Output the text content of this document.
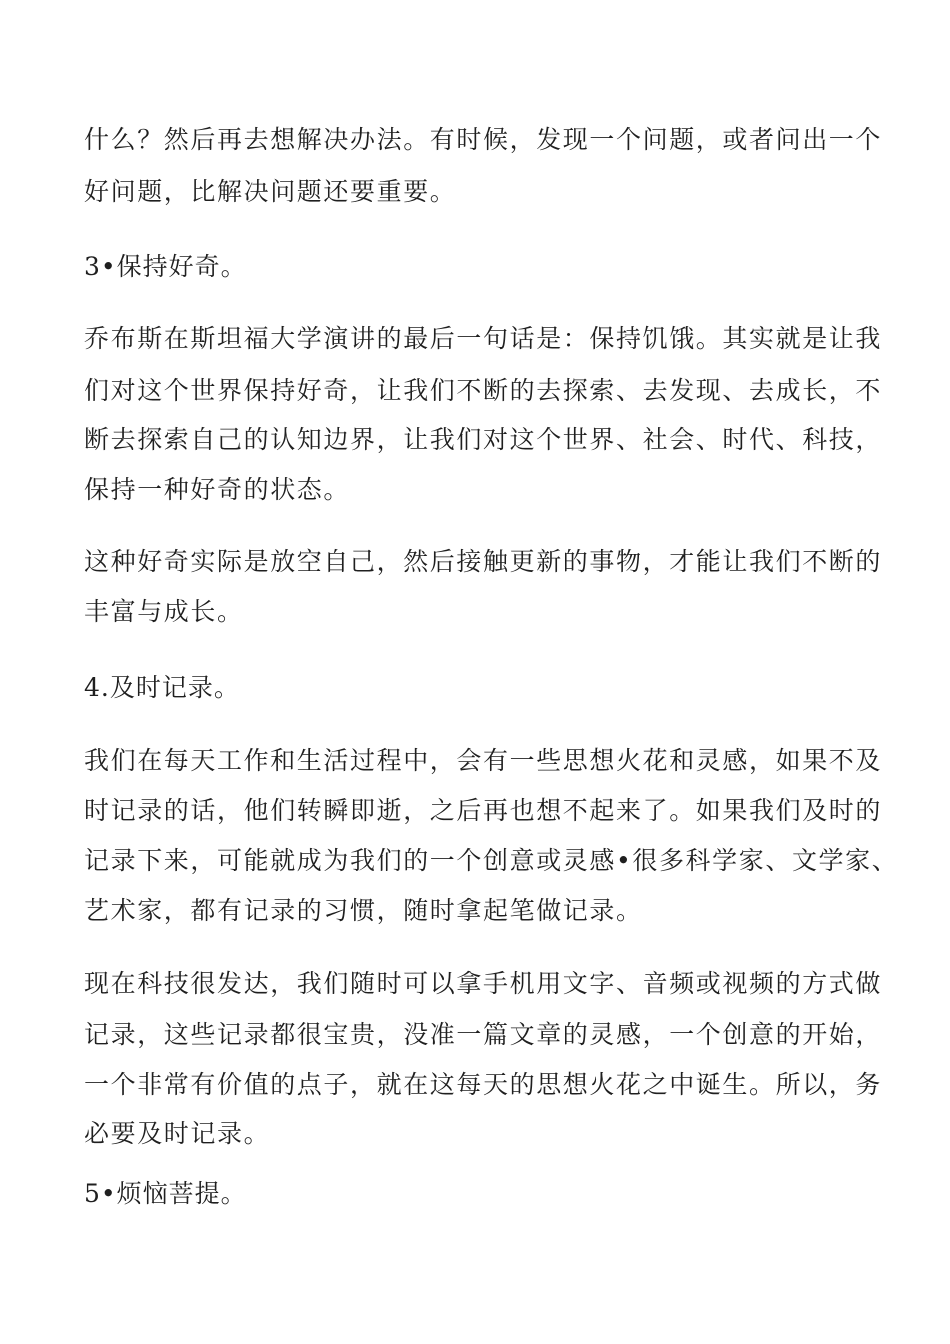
什么？然后再去想解决办法。有时候，发现一个问题，或者问出一个

好问题，比解决问题还要重要。

3•保持好奇。

乔布斯在斯坦福大学演讲的最后一句话是：保持饥饿。其实就是让我

们对这个世界保持好奇，让我们不断的去探索、去发现、去成长，不

断去探索自己的认知边界，让我们对这个世界、社会、时代、科技，

保持一种好奇的状态。

这种好奇实际是放空自己，然后接触更新的事物，才能让我们不断的

丰富与成长。

4.及时记录。

我们在每天工作和生活过程中，会有一些思想火花和灵感，如果不及

时记录的话，他们转瞬即逝，之后再也想不起来了。如果我们及时的

记录下来，可能就成为我们的一个创意或灵感•很多科学家、文学家、

艺术家，都有记录的习惯，随时拿起笔做记录。

现在科技很发达，我们随时可以拿手机用文字、音频或视频的方式做

记录，这些记录都很宝贵，没准一篇文章的灵感，一个创意的开始，

一个非常有价值的点子，就在这每天的思想火花之中诞生。所以，务

必要及时记录。

5•烦恼菩提。
